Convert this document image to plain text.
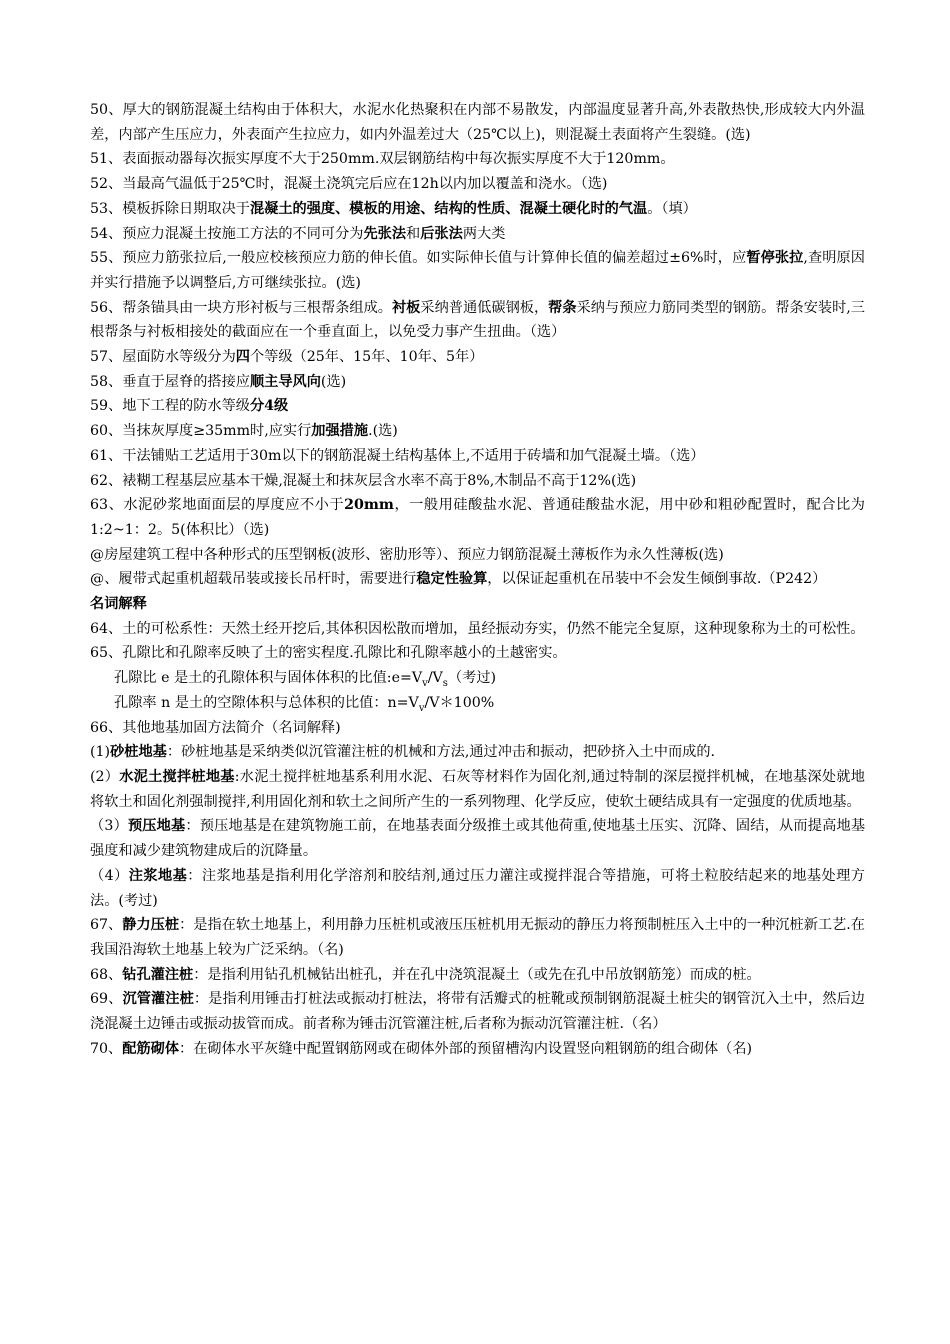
50、厚大的钢筋混凝土结构由于体积大，水泥水化热聚积在内部不易散发，内部温度显著升高,外表散热快,形成较大内外温差，内部产生压应力，外表面产生拉应力，如内外温差过大（25℃以上)，则混凝土表面将产生裂缝。(选)

51、表面振动器每次振实厚度不大于250mm.双层钢筋结构中每次振实厚度不大于120mm。

52、当最高气温低于25℃时，混凝土浇筑完后应在12h以内加以覆盖和浇水。（选)

53、模板拆除日期取决于混凝土的强度、模板的用途、结构的性质、混凝土硬化时的气温。（填）

54、预应力混凝土按施工方法的不同可分为先张法和后张法两大类

55、预应力筋张拉后,一般应校核预应力筋的伸长值。如实际伸长值与计算伸长值的偏差超过±6%时，应暂停张拉,查明原因并实行措施予以调整后,方可继续张拉。(选)

56、帮条锚具由一块方形衬板与三根帮条组成。衬板采纳普通低碳钢板，帮条采纳与预应力筋同类型的钢筋。帮条安装时,三根帮条与衬板相接处的截面应在一个垂直面上，以免受力事产生扭曲。（选）

57、屋面防水等级分为四个等级（25年、15年、10年、5年）

58、垂直于屋脊的搭接应顺主导风向(选)

59、地下工程的防水等级分4级

60、当抹灰厚度≥35mm时,应实行加强措施.(选)

61、干法铺贴工艺适用于30m以下的钢筋混凝土结构基体上,不适用于砖墙和加气混凝土墙。（选）

62、裱糊工程基层应基本干燥,混凝土和抹灰层含水率不高于8%,木制品不高于12%(选)

63、水泥砂浆地面面层的厚度应不小于20mm，一般用硅酸盐水泥、普通硅酸盐水泥，用中砂和粗砂配置时，配合比为1:2~1：2。5(体积比）（选)

@房屋建筑工程中各种形式的压型钢板(波形、密肋形等）、预应力钢筋混凝土薄板作为永久性薄板(选)

@、履带式起重机超载吊装或接长吊杆时，需要进行稳定性验算，以保证起重机在吊装中不会发生倾倒事故.（P242）

名词解释

64、土的可松系性：天然土经开挖后,其体积因松散而增加，虽经振动夯实，仍然不能完全复原，这种现象称为土的可松性。

65、孔隙比和孔隙率反映了土的密实程度.孔隙比和孔隙率越小的土越密实。

孔隙比 e 是土的孔隙体积与固体体积的比值$:e=V_v/V_s$（考过)

孔隙率 n 是土的空隙体积与总体积的比值：$n=V_v/V*100\%$

66、其他地基加固方法简介（名词解释)

(1)砂桩地基：砂桩地基是采纳类似沉管灌注桩的机械和方法,通过冲击和振动，把砂挤入土中而成的.

(2）水泥土搅拌桩地基:水泥土搅拌桩地基系利用水泥、石灰等材料作为固化剂,通过特制的深层搅拌机械，在地基深处就地将软土和固化剂强制搅拌,利用固化剂和软土之间所产生的一系列物理、化学反应，使软土硬结成具有一定强度的优质地基。

（3）预压地基：预压地基是在建筑物施工前，在地基表面分级推土或其他荷重,使地基土压实、沉降、固结，从而提高地基强度和减少建筑物建成后的沉降量。

（4）注浆地基：注浆地基是指利用化学溶剂和胶结剂,通过压力灌注或搅拌混合等措施，可将土粒胶结起来的地基处理方法。(考过)

67、静力压桩：是指在软土地基上，利用静力压桩机或液压压桩机用无振动的静压力将预制桩压入土中的一种沉桩新工艺.在我国沿海软土地基上较为广泛采纳。（名)

68、钻孔灌注桩：是指利用钻孔机械钻出桩孔，并在孔中浇筑混凝土（或先在孔中吊放钢筋笼）而成的桩。

69、沉管灌注桩：是指利用锤击打桩法或振动打桩法，将带有活瓣式的桩靴或预制钢筋混凝土桩尖的钢管沉入土中，然后边浇混凝土边锤击或振动拔管而成。前者称为锤击沉管灌注桩,后者称为振动沉管灌注桩.（名）

70、配筋砌体：在砌体水平灰缝中配置钢筋网或在砌体外部的预留槽沟内设置竖向粗钢筋的组合砌体（名)
